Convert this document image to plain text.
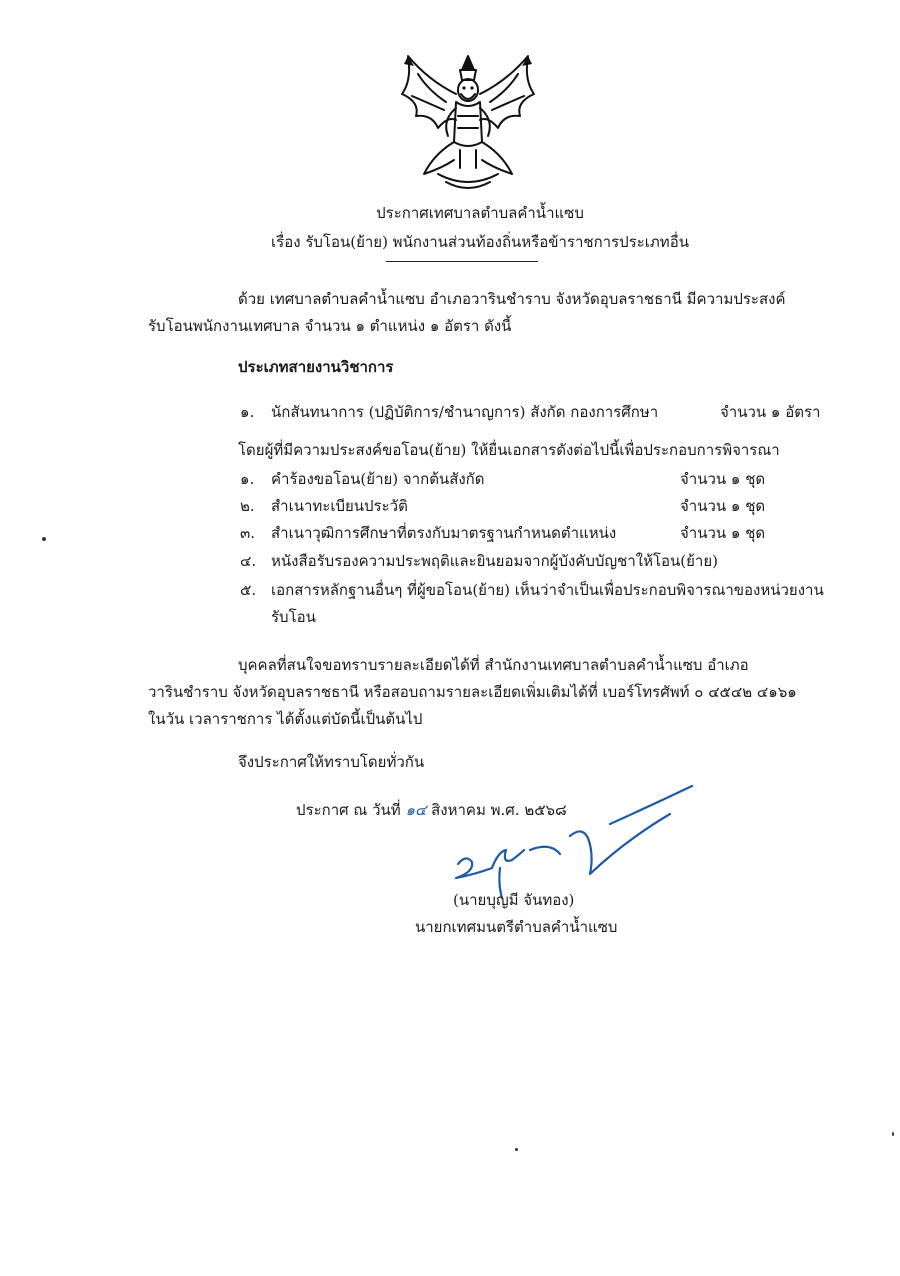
ประกาศเทศบาลตำบลคำน้ำแซบ
เรื่อง รับโอน(ย้าย) พนักงานส่วนท้องถิ่นหรือข้าราชการประเภทอื่น
ด้วย เทศบาลตำบลคำน้ำแซบ อำเภอวารินชำราบ จังหวัดอุบลราชธานี มีความประสงค์
รับโอนพนักงานเทศบาล จำนวน ๑ ตำแหน่ง ๑ อัตรา ดังนี้
ประเภทสายงานวิชาการ
๑. นักสันทนาการ (ปฏิบัติการ/ชำนาญการ) สังกัด กองการศึกษา	จำนวน ๑ อัตรา
โดยผู้ที่มีความประสงค์ขอโอน(ย้าย) ให้ยื่นเอกสารดังต่อไปนี้เพื่อประกอบการพิจารณา
๑. คำร้องขอโอน(ย้าย) จากต้นสังกัด	จำนวน ๑ ชุด
๒. สำเนาทะเบียนประวัติ	จำนวน ๑ ชุด
๓. สำเนาวุฒิการศึกษาที่ตรงกับมาตรฐานกำหนดตำแหน่ง	จำนวน ๑ ชุด
๔. หนังสือรับรองความประพฤติและยินยอมจากผู้บังคับบัญชาให้โอน(ย้าย)
๕. เอกสารหลักฐานอื่นๆ ที่ผู้ขอโอน(ย้าย) เห็นว่าจำเป็นเพื่อประกอบพิจารณาของหน่วยงาน
รับโอน
บุคคลที่สนใจขอทราบรายละเอียดได้ที่ สำนักงานเทศบาลตำบลคำน้ำแซบ อำเภอ
วารินชำราบ จังหวัดอุบลราชธานี หรือสอบถามรายละเอียดเพิ่มเติมได้ที่ เบอร์โทรศัพท์ ๐ ๔๕๔๒ ๔๑๖๑
ในวัน เวลาราชการ ได้ตั้งแต่บัดนี้เป็นต้นไป
จึงประกาศให้ทราบโดยทั่วกัน
ประกาศ ณ วันที่ ๑๔ สิงหาคม พ.ศ. ๒๕๖๘
(นายบุญมี จันทอง)
นายกเทศมนตรีตำบลคำน้ำแซบ
